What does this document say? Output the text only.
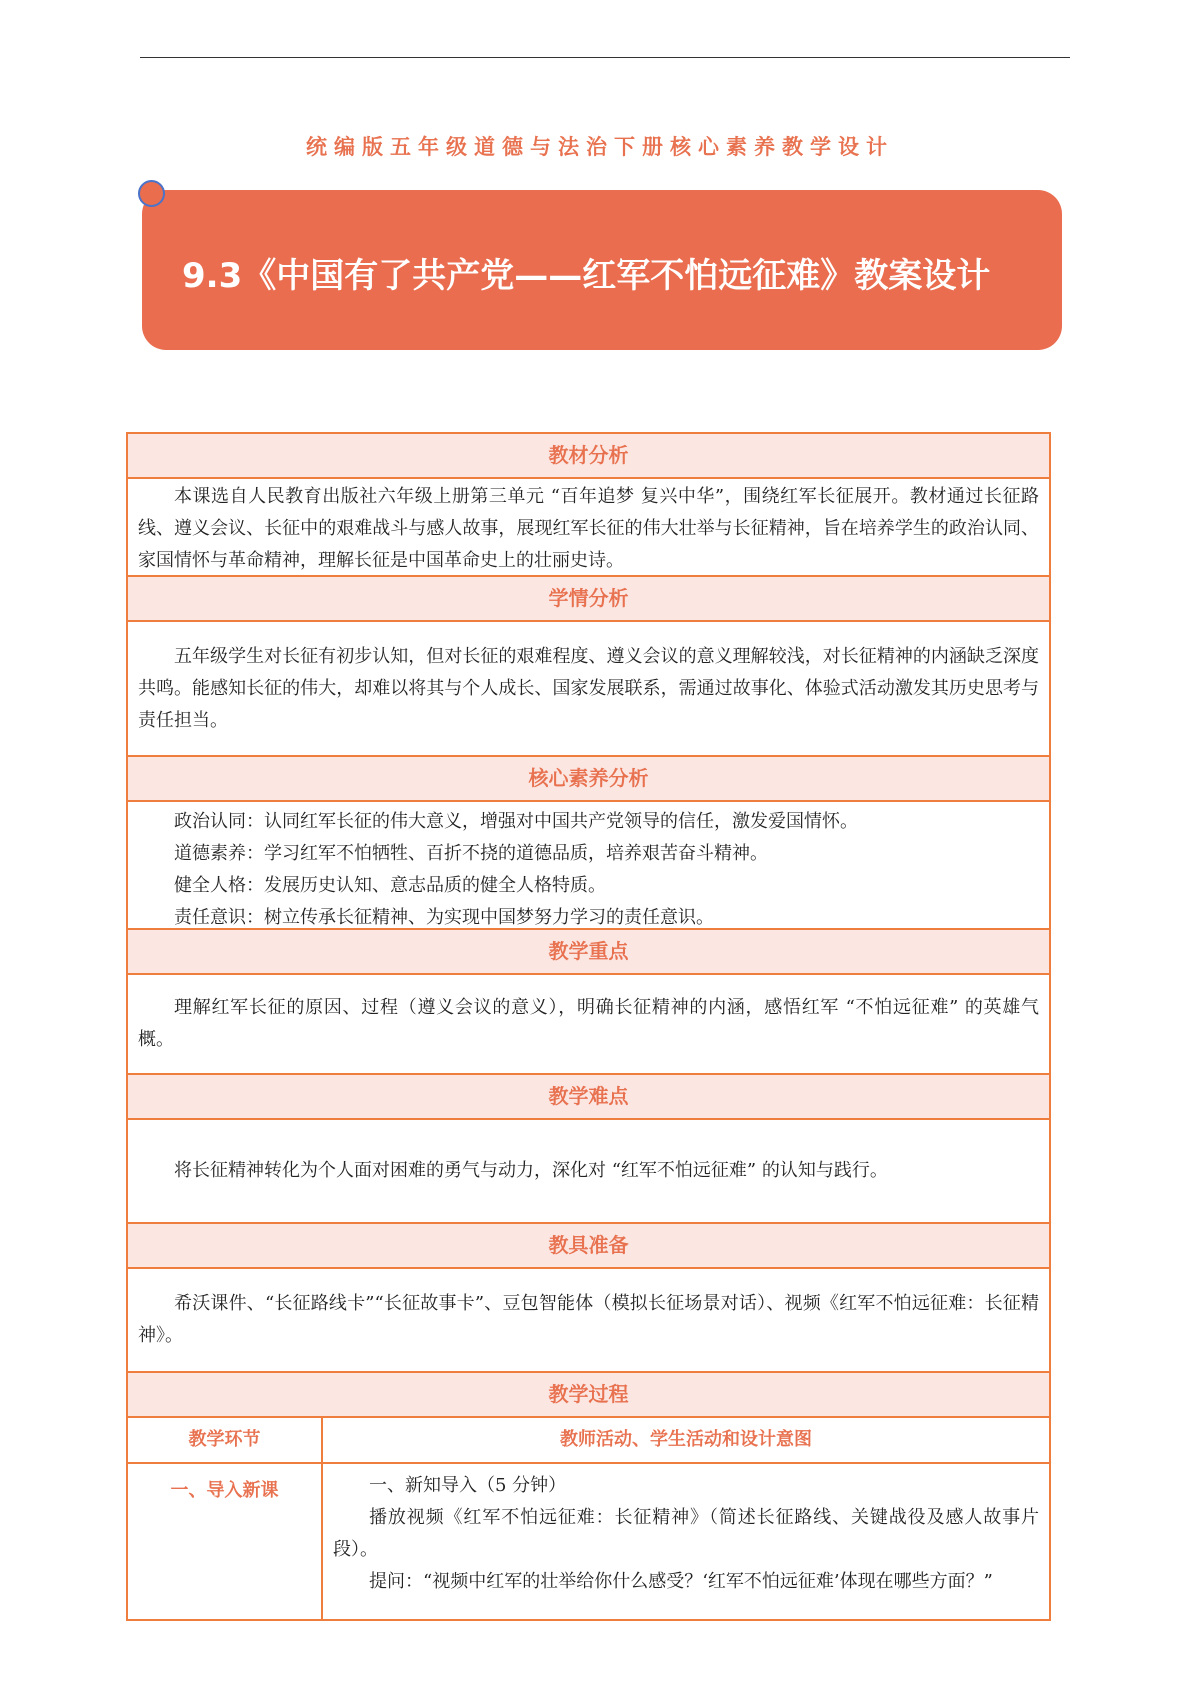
统编版五年级道德与法治下册核心素养教学设计
9.3《中国有了共产党——红军不怕远征难》教案设计
教材分析

本课选自人民教育出版社六年级上册第三单元 “百年追梦 复兴中华”，围绕红军长征展开。教材通过长征路线、遵义会议、长征中的艰难战斗与感人故事，展现红军长征的伟大壮举与长征精神，旨在培养学生的政治认同、家国情怀与革命精神，理解长征是中国革命史上的壮丽史诗。

学情分析

五年级学生对长征有初步认知，但对长征的艰难程度、遵义会议的意义理解较浅，对长征精神的内涵缺乏深度共鸣。能感知长征的伟大，却难以将其与个人成长、国家发展联系，需通过故事化、体验式活动激发其历史思考与责任担当。

核心素养分析

政治认同：认同红军长征的伟大意义，增强对中国共产党领导的信任，激发爱国情怀。

道德素养：学习红军不怕牺牲、百折不挠的道德品质，培养艰苦奋斗精神。

健全人格：发展历史认知、意志品质的健全人格特质。

责任意识：树立传承长征精神、为实现中国梦努力学习的责任意识。

教学重点

理解红军长征的原因、过程（遵义会议的意义），明确长征精神的内涵，感悟红军 “不怕远征难” 的英雄气概。

教学难点

将长征精神转化为个人面对困难的勇气与动力，深化对 “红军不怕远征难” 的认知与践行。

教具准备

希沃课件、“长征路线卡”“长征故事卡”、豆包智能体（模拟长征场景对话）、视频《红军不怕远征难：长征精神》。

教学过程
教学环节	教师活动、学生活动和设计意图
一、导入新课	一、新知导入（5 分钟）

播放视频《红军不怕远征难：长征精神》（简述长征路线、关键战役及感人故事片段）。

提问：“视频中红军的壮举给你什么感受？‘红军不怕远征难’体现在哪些方面？”
